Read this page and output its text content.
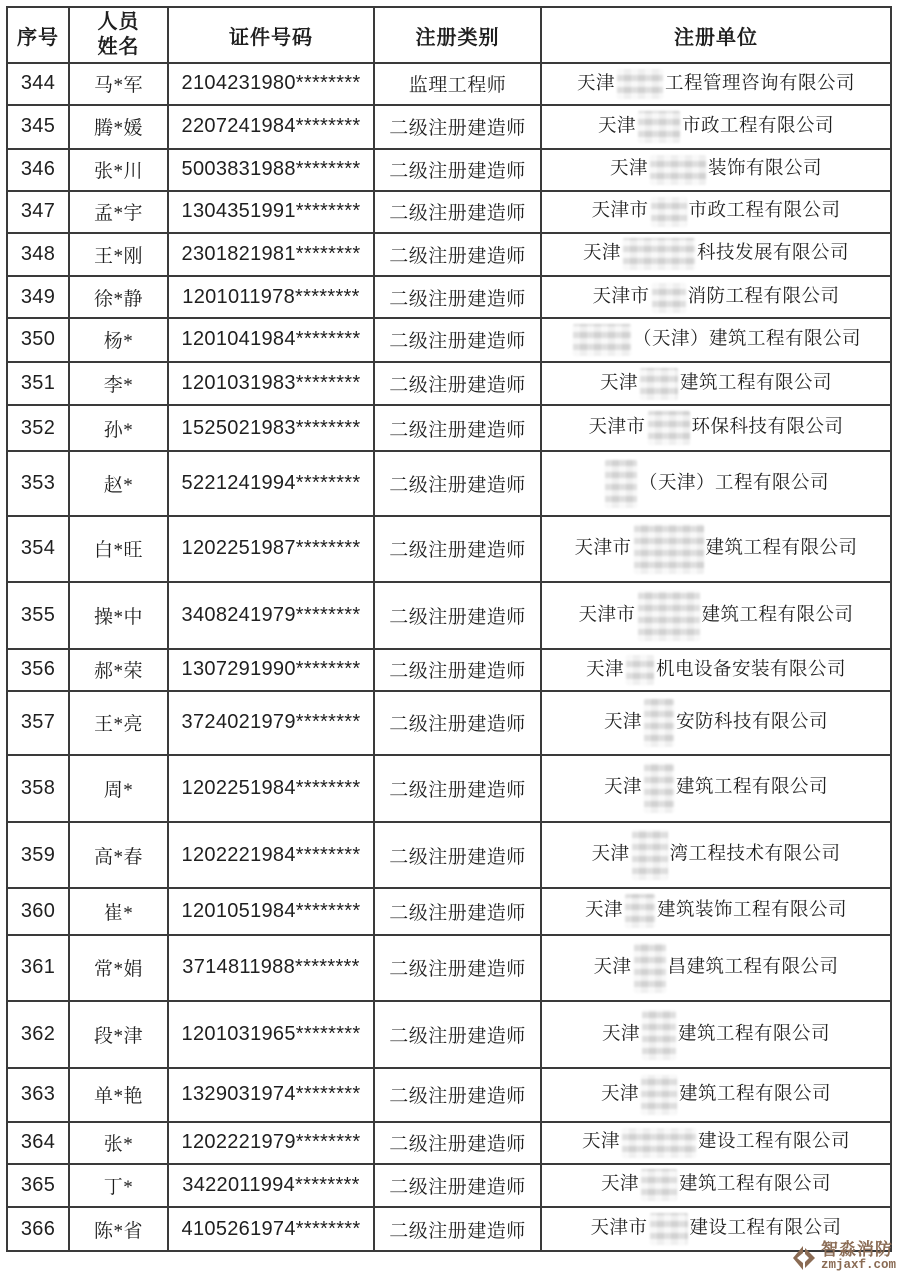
序号	人员姓名	证件号码	注册类别	注册单位
344	马*军	2104231980********	监理工程师	天津 工程管理咨询有限公司
345	腾*媛	2207241984********	二级注册建造师	天津 市政工程有限公司
346	张*川	5003831988********	二级注册建造师	天津 装饰有限公司
347	孟*宇	1304351991********	二级注册建造师	天津市 市政工程有限公司
348	王*刚	2301821981********	二级注册建造师	天津 科技发展有限公司
349	徐*静	1201011978********	二级注册建造师	天津市 消防工程有限公司
350	杨*	1201041984********	二级注册建造师	（天津）建筑工程有限公司
351	李*	1201031983********	二级注册建造师	天津 建筑工程有限公司
352	孙*	1525021983********	二级注册建造师	天津市 环保科技有限公司
353	赵*	5221241994********	二级注册建造师	（天津）工程有限公司
354	白*旺	1202251987********	二级注册建造师	天津市 建筑工程有限公司
355	操*中	3408241979********	二级注册建造师	天津市 建筑工程有限公司
356	郝*荣	1307291990********	二级注册建造师	天津 机电设备安装有限公司
357	王*亮	3724021979********	二级注册建造师	天津 安防科技有限公司
358	周*	1202251984********	二级注册建造师	天津 建筑工程有限公司
359	高*春	1202221984********	二级注册建造师	天津 湾工程技术有限公司
360	崔*	1201051984********	二级注册建造师	天津 建筑装饰工程有限公司
361	常*娟	3714811988********	二级注册建造师	天津 昌建筑工程有限公司
362	段*津	1201031965********	二级注册建造师	天津 建筑工程有限公司
363	单*艳	1329031974********	二级注册建造师	天津 建筑工程有限公司
364	张*	1202221979********	二级注册建造师	天津 建设工程有限公司
365	丁*	3422011994********	二级注册建造师	天津 建筑工程有限公司
366	陈*省	4105261974********	二级注册建造师	天津市 建设工程有限公司
智淼消防
zmjaxf.com
